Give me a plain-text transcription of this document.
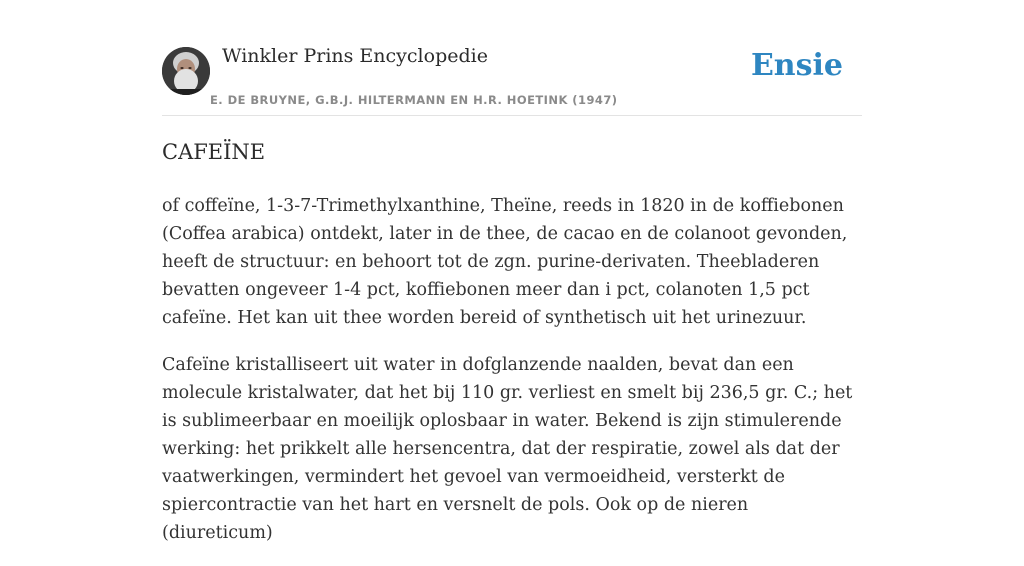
Winkler Prins Encyclopedie
E. DE BRUYNE, G.B.J. HILTERMANN EN H.R. HOETINK (1947)
Ensie
CAFEÏNE

of coffeïne, 1-3-7-Trimethylxanthine, Theïne, reeds in 1820 in de koffiebonen (Coffea arabica) ontdekt, later in de thee, de cacao en de colanoot gevonden, heeft de structuur: en behoort tot de zgn. purine-derivaten. Theebladeren bevatten ongeveer 1-4 pct, koffiebonen meer dan i pct, colanoten 1,5 pct cafeïne. Het kan uit thee worden bereid of synthetisch uit het urinezuur.

Cafeïne kristalliseert uit water in dofglanzende naalden, bevat dan een molecule kristalwater, dat het bij 110 gr. verliest en smelt bij 236,5 gr. C.; het is sublimeerbaar en moeilijk oplosbaar in water. Bekend is zijn stimulerende werking: het prikkelt alle hersencentra, dat der respiratie, zowel als dat der vaatwerkingen, vermindert het gevoel van vermoeidheid, versterkt de spiercontractie van het hart en versnelt de pols. Ook op de nieren (diureticum)
